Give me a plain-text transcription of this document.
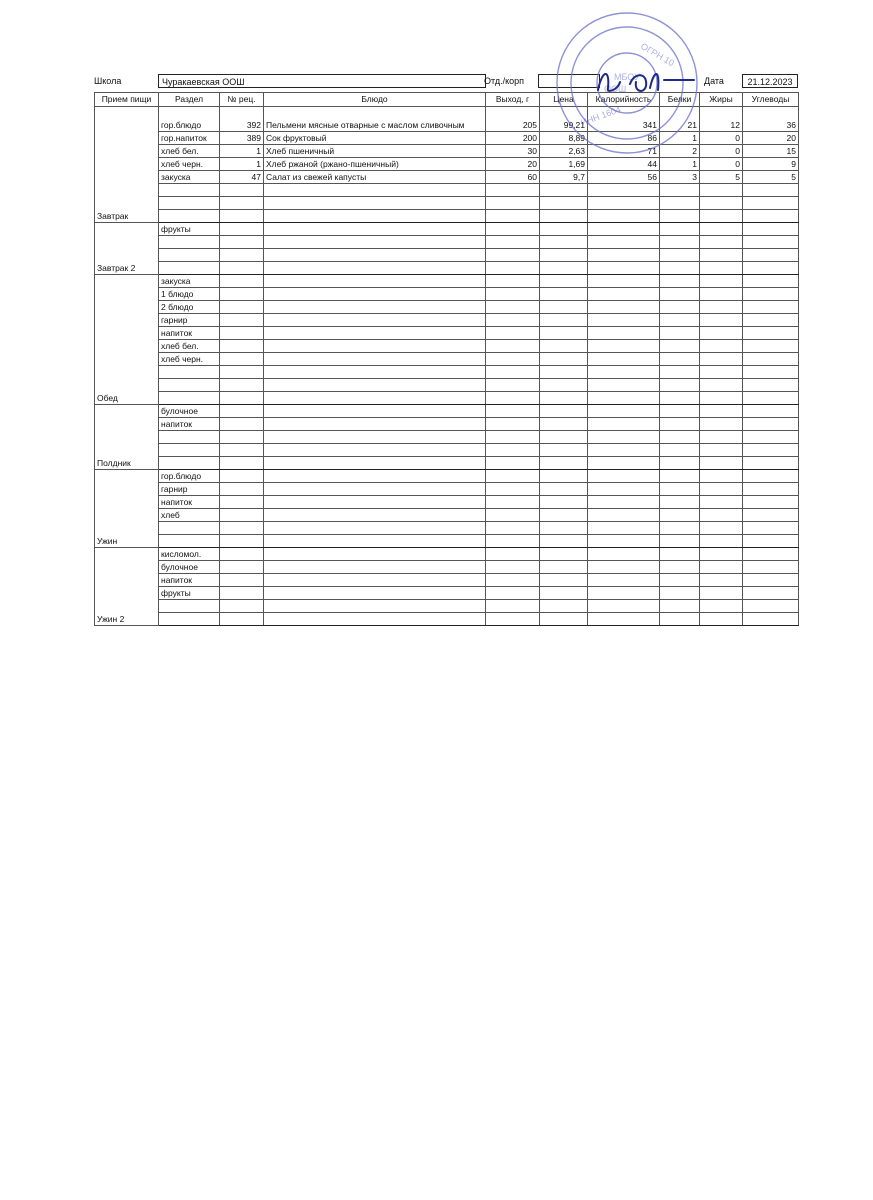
Школа	Чуракаевская ООШ	Отд./корп	Дата	21.12.2023
Прием пищи	Раздел	№ рец.	Блюдо	Выход, г	Цена	Калорийность	Белки	Жиры	Углеводы
Завтрак	гор.блюдо	392	Пельмени мясные отварные с маслом сливочным	205	99,21	341	21	12	36
	гор.напиток	389	Сок фруктовый	200	8,89	86	1	0	20
	хлеб бел.	1	Хлеб пшеничный	30	2,63	71	2	0	15
	хлеб черн.	1	Хлеб ржаной (ржано-пшеничный)	20	1,69	44	1	0	9
	закуска	47	Салат из свежей капусты	60	9,7	56	3	5	5

Завтрак 2	фрукты								

Обед	закуска								
	1 блюдо								
	2 блюдо								
	гарнир								
	напиток								
	хлеб бел.								
	хлеб черн.								

Полдник	булочное								
	напиток								

Ужин	гор.блюдо								
	гарнир								
	напиток								
	хлеб								

Ужин 2	кисломол.								
	булочное								
	напиток								
	фрукты								

МБОУ
ООШ
ИНН 1604
ОГРН 10
